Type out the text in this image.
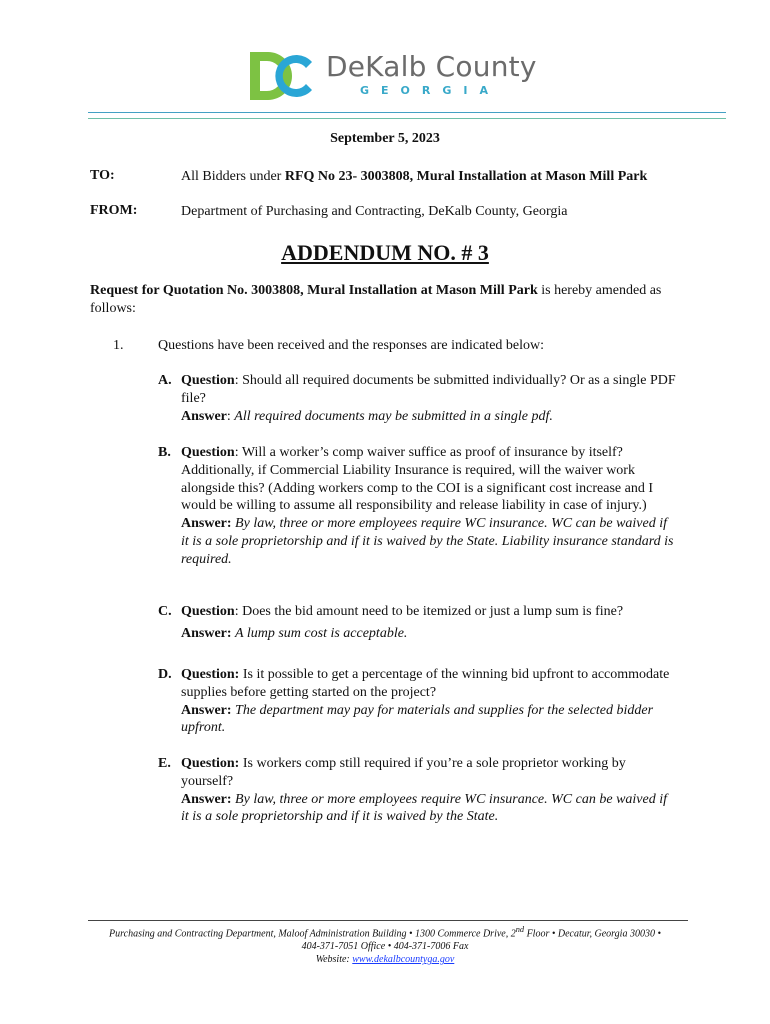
DeKalb County
GEORGIA
September 5, 2023
TO:	All Bidders under RFQ No 23- 3003808, Mural Installation at Mason Mill Park
FROM:	Department of Purchasing and Contracting, DeKalb County, Georgia
ADDENDUM NO. # 3
Request for Quotation No. 3003808, Mural Installation at Mason Mill Park is hereby amended as follows:
1. Questions have been received and the responses are indicated below:
A. Question: Should all required documents be submitted individually? Or as a single PDF file?
Answer: All required documents may be submitted in a single pdf.
B. Question: Will a worker’s comp waiver suffice as proof of insurance by itself? Additionally, if Commercial Liability Insurance is required, will the waiver work alongside this? (Adding workers comp to the COI is a significant cost increase and I would be willing to assume all responsibility and release liability in case of injury.)
Answer: By law, three or more employees require WC insurance. WC can be waived if it is a sole proprietorship and if it is waived by the State. Liability insurance standard is required.
C. Question: Does the bid amount need to be itemized or just a lump sum is fine?
Answer: A lump sum cost is acceptable.
D. Question: Is it possible to get a percentage of the winning bid upfront to accommodate supplies before getting started on the project?
Answer: The department may pay for materials and supplies for the selected bidder upfront.
E. Question: Is workers comp still required if you’re a sole proprietor working by yourself?
Answer: By law, three or more employees require WC insurance. WC can be waived if it is a sole proprietorship and if it is waived by the State.
Purchasing and Contracting Department, Maloof Administration Building • 1300 Commerce Drive, 2nd Floor • Decatur, Georgia 30030 •
404-371-7051 Office • 404-371-7006 Fax
Website: www.dekalbcountyga.gov
